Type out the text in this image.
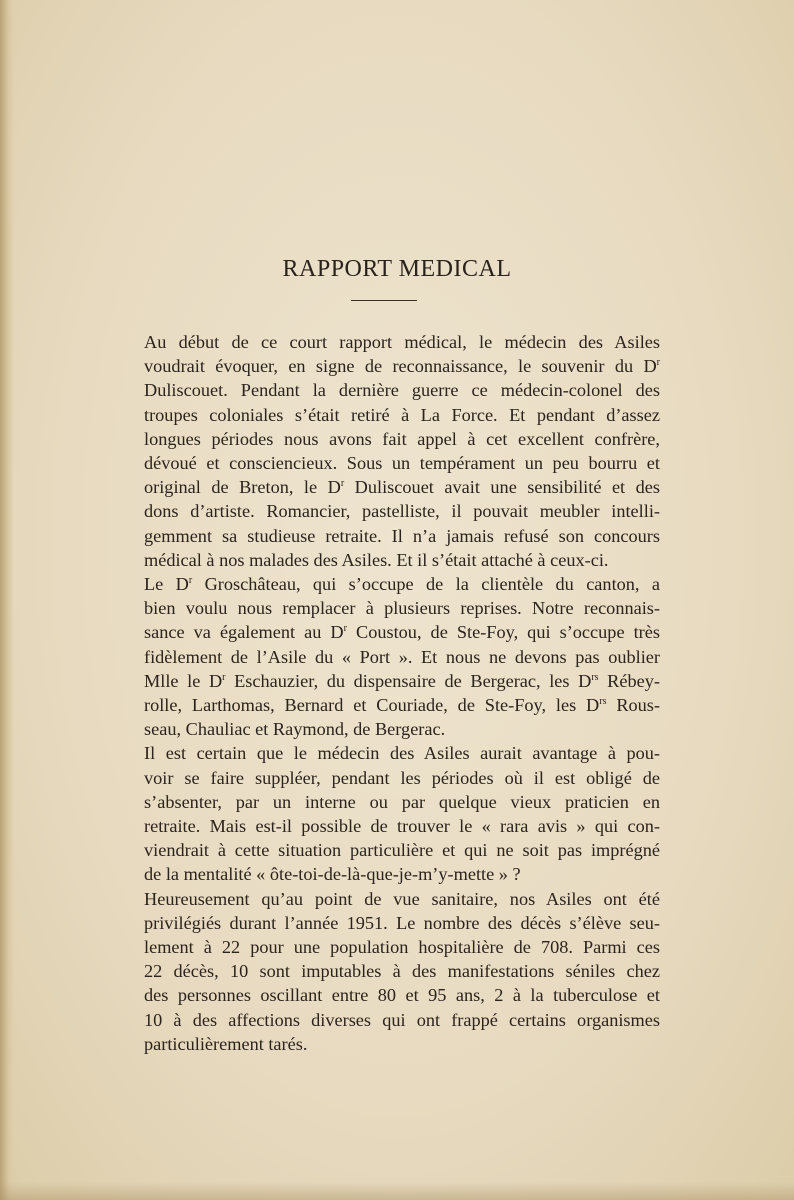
RAPPORT MEDICAL

Au début de ce court rapport médical, le médecin des Asiles
voudrait évoquer, en signe de reconnaissance, le souvenir du $D^r$
Duliscouet. Pendant la dernière guerre ce médecin-colonel des
troupes coloniales s’était retiré à La Force. Et pendant d’assez
longues périodes nous avons fait appel à cet excellent confrère,
dévoué et consciencieux. Sous un tempérament un peu bourru et
original de Breton, le $D^r$ Duliscouet avait une sensibilité et des
dons d’artiste. Romancier, pastelliste, il pouvait meubler intelli-
gemment sa studieuse retraite. Il n’a jamais refusé son concours
médical à nos malades des Asiles. Et il s’était attaché à ceux-ci.

Le $D^r$ Groschâteau, qui s’occupe de la clientèle du canton, a
bien voulu nous remplacer à plusieurs reprises. Notre reconnais-
sance va également au $D^r$ Coustou, de Ste-Foy, qui s’occupe très
fidèlement de l’Asile du « Port ». Et nous ne devons pas oublier
Mlle le $D^r$ Eschauzier, du dispensaire de Bergerac, les $D^{rs}$ Rébey-
rolle, Larthomas, Bernard et Couriade, de Ste-Foy, les $D^{rs}$ Rous-
seau, Chauliac et Raymond, de Bergerac.

Il est certain que le médecin des Asiles aurait avantage à pou-
voir se faire suppléer, pendant les périodes où il est obligé de
s’absenter, par un interne ou par quelque vieux praticien en
retraite. Mais est-il possible de trouver le « rara avis » qui con-
viendrait à cette situation particulière et qui ne soit pas imprégné
de la mentalité « ôte-toi-de-là-que-je-m’y-mette » ?

Heureusement qu’au point de vue sanitaire, nos Asiles ont été
privilégiés durant l’année 1951. Le nombre des décès s’élève seu-
lement à 22 pour une population hospitalière de 708. Parmi ces
22 décès, 10 sont imputables à des manifestations séniles chez
des personnes oscillant entre 80 et 95 ans, 2 à la tuberculose et
10 à des affections diverses qui ont frappé certains organismes
particulièrement tarés.
